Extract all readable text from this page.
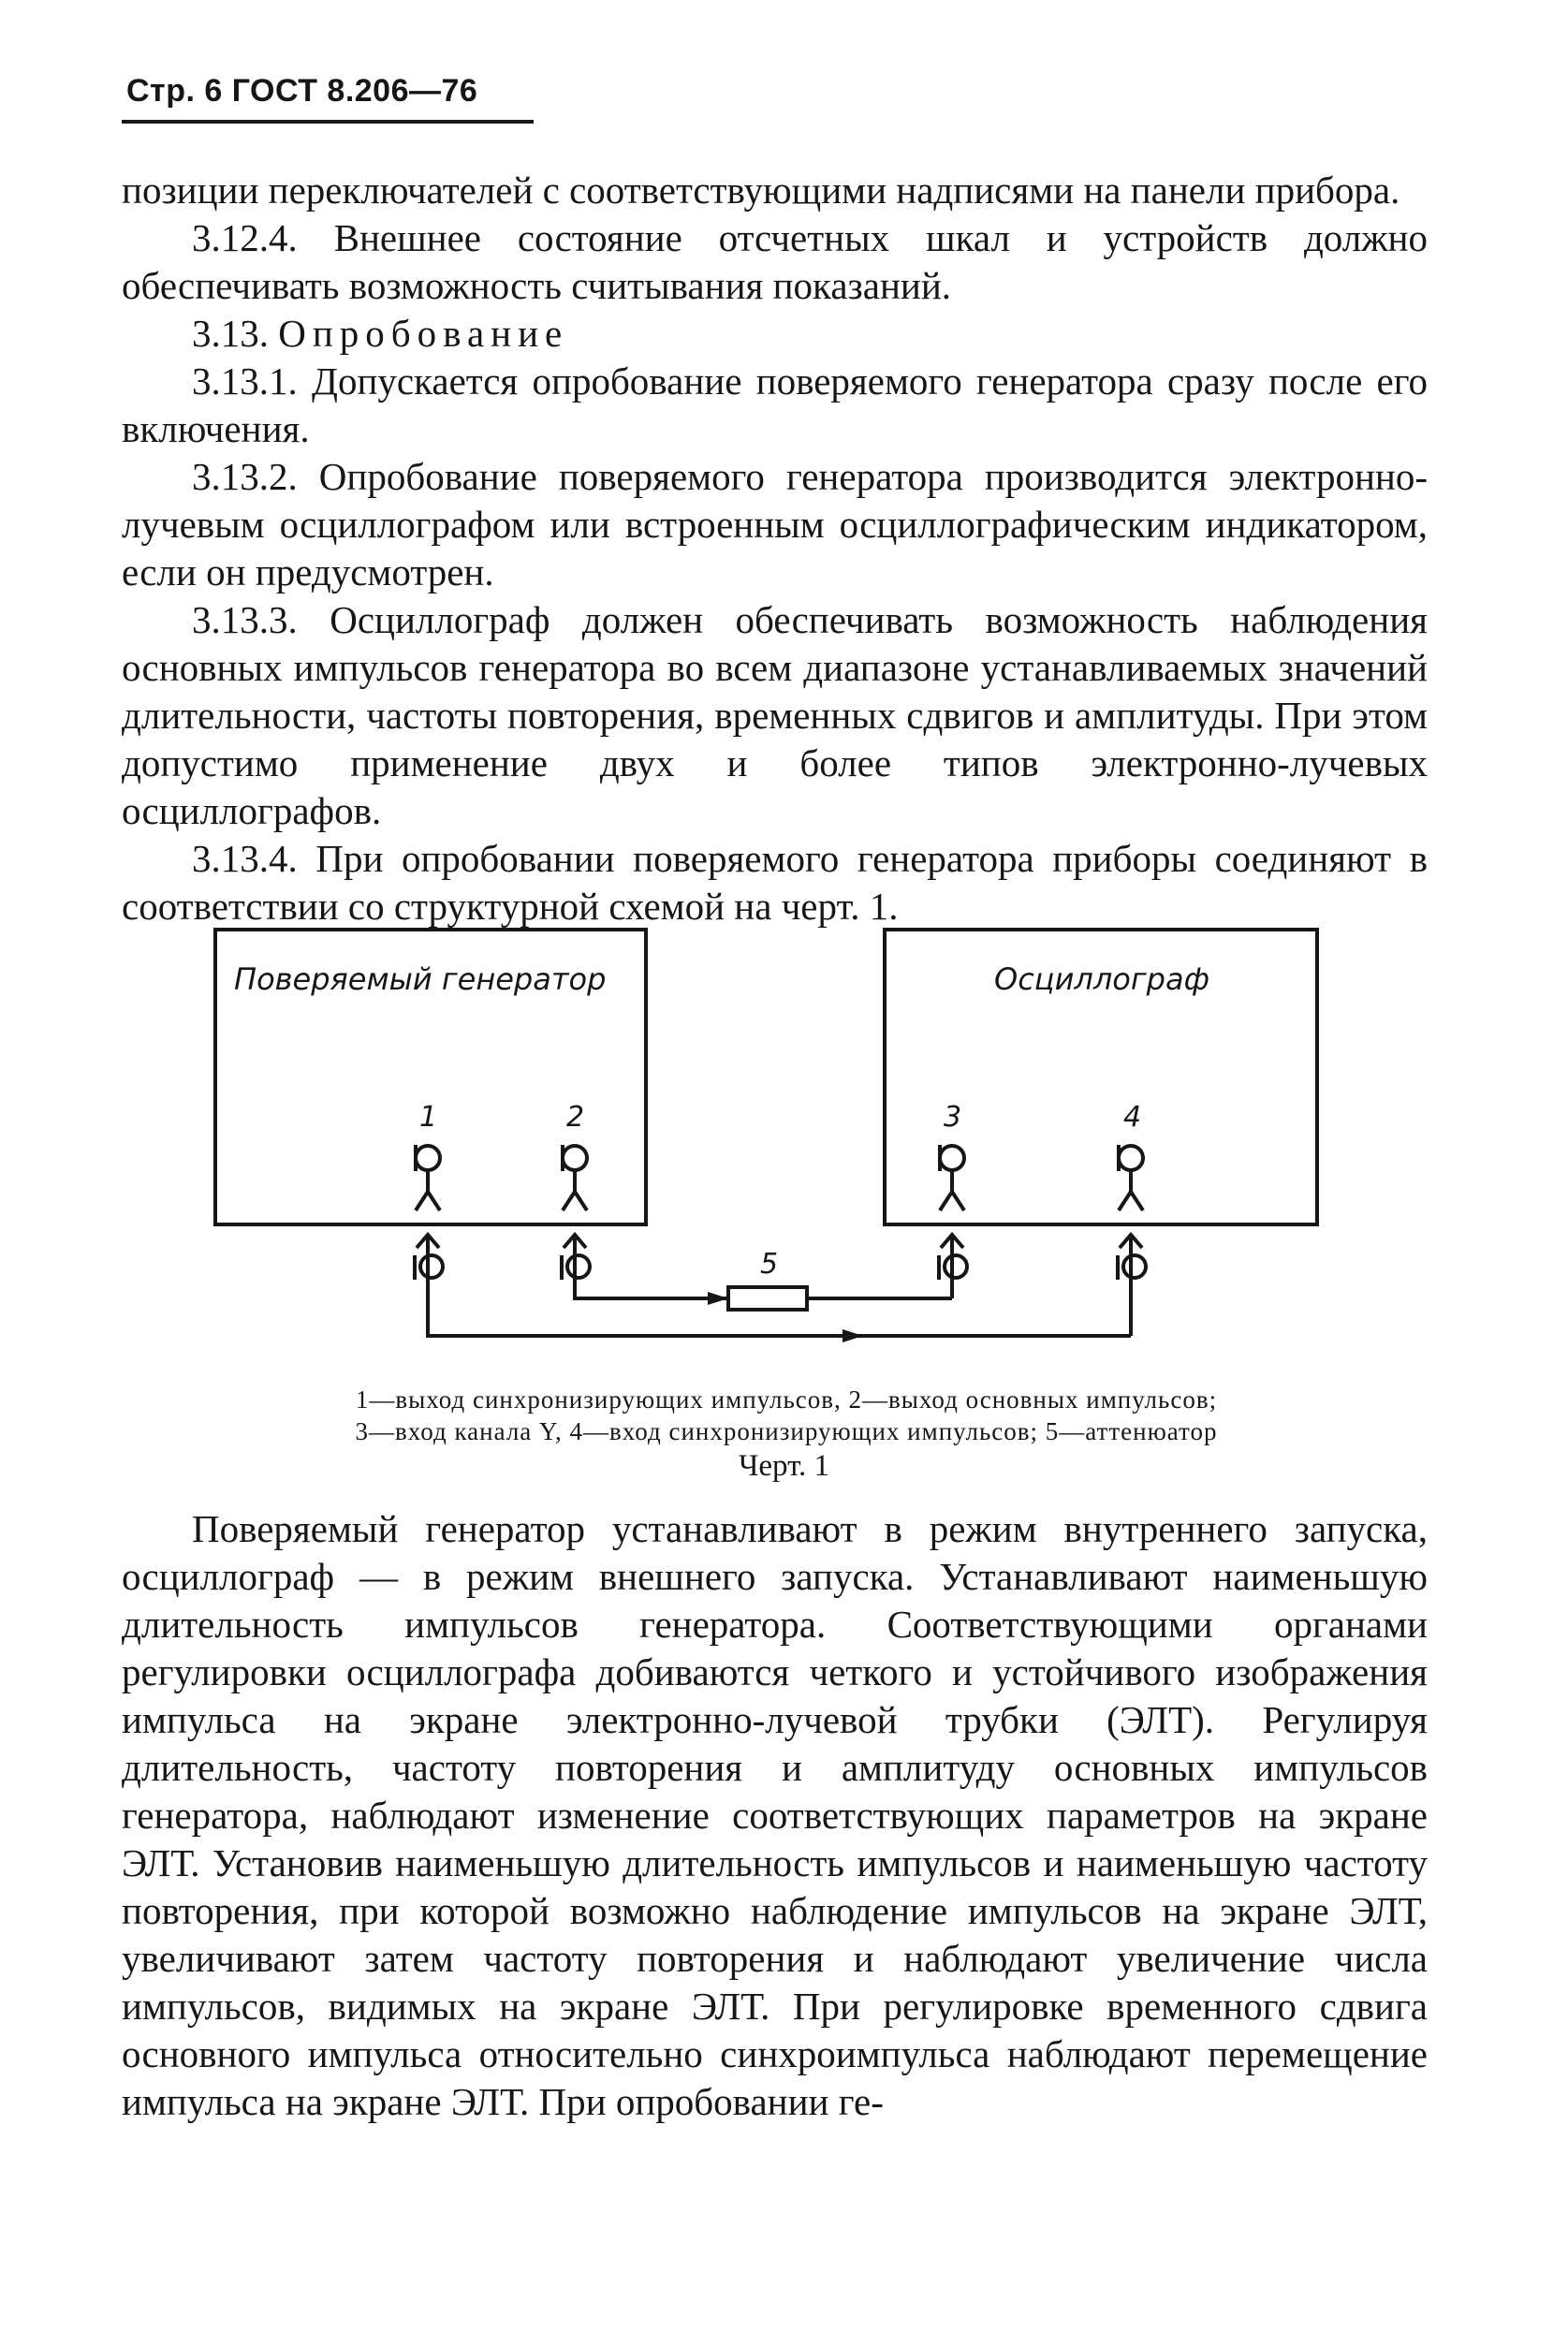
Стр. 6 ГОСТ 8.206—76

позиции переключателей с соответствующими надписями на панели прибора.

3.12.4. Внешнее состояние отсчетных шкал и устройств должно обеспечивать возможность считывания показаний.

3.13. Опробование

3.13.1. Допускается опробование поверяемого генератора сразу после его включения.

3.13.2. Опробование поверяемого генератора производится электронно-лучевым осциллографом или встроенным осциллографическим индикатором, если он предусмотрен.

3.13.3. Осциллограф должен обеспечивать возможность наблюдения основных импульсов генератора во всем диапазоне устанавливаемых значений длительности, частоты повторения, временных сдвигов и амплитуды. При этом допустимо применение двух и более типов электронно-лучевых осциллографов.

3.13.4. При опробовании поверяемого генератора приборы соединяют в соответствии со структурной схемой на черт. 1.

Поверяемый генератор	Осциллограф
1	2	3	4
5
1—выход синхронизирующих импульсов, 2—выход основных импульсов;
3—вход канала Y, 4—вход синхронизирующих импульсов; 5—аттенюатор
Черт. 1

Поверяемый генератор устанавливают в режим внутреннего запуска, осциллограф — в режим внешнего запуска. Устанавливают наименьшую длительность импульсов генератора. Соответствующими органами регулировки осциллографа добиваются четкого и устойчивого изображения импульса на экране электронно-лучевой трубки (ЭЛТ). Регулируя длительность, частоту повторения и амплитуду основных импульсов генератора, наблюдают изменение соответствующих параметров на экране ЭЛТ. Установив наименьшую длительность импульсов и наименьшую частоту повторения, при которой возможно наблюдение импульсов на экране ЭЛТ, увеличивают затем частоту повторения и наблюдают увеличение числа импульсов, видимых на экране ЭЛТ. При регулировке временного сдвига основного импульса относительно синхроимпульса наблюдают перемещение импульса на экране ЭЛТ. При опробовании ге-
